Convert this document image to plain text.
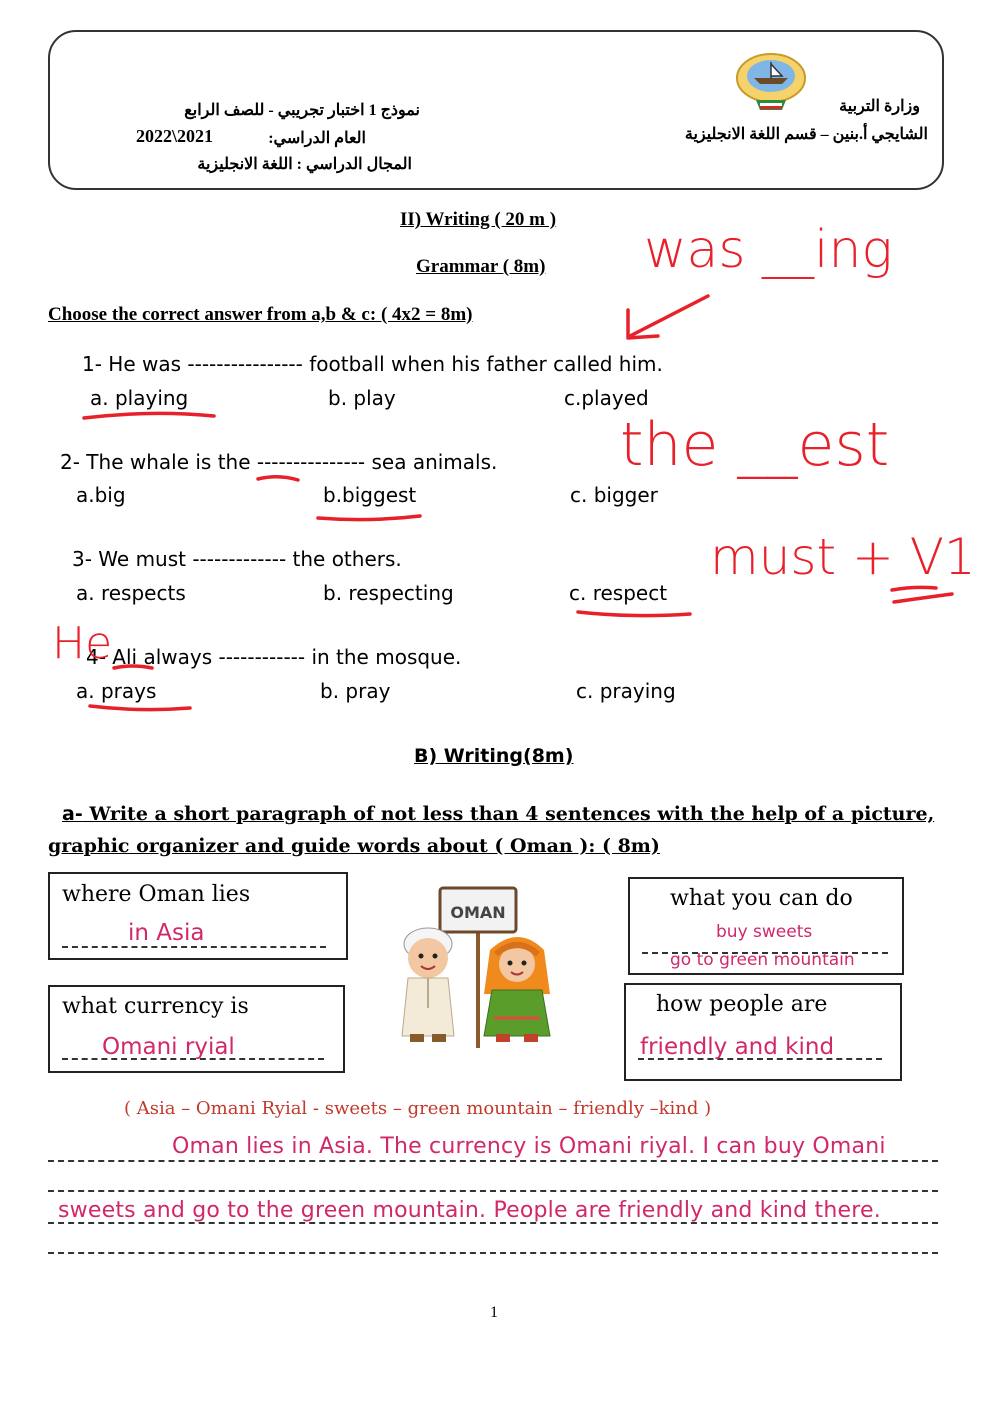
وزارة التربية
الشايجي أ.بنين – قسم اللغة الانجليزية
نموذج 1 اختبار تجريبي - للصف الرابع
العام الدراسي:
2022\2021
المجال الدراسي : اللغة الانجليزية
II) Writing ( 20 m )
Grammar ( 8m)
Choose the correct answer from a,b & c: ( 4x2 = 8m)
1- He was ---------------- football when his father called him.
a. playing	b. play	c.played
2- The whale is the --------------- sea animals.
a.big	b.biggest	c. bigger
3- We must ------------- the others.
a. respects	b. respecting	c. respect
4- Ali always ------------ in the mosque.
a. prays	b. pray	c. praying
was __ing
the __est
must + V1
He
B) Writing(8m)
a- Write a short paragraph of not less than 4 sentences with the help of a picture, graphic organizer and guide words about ( Oman ): ( 8m)
where Oman lies
in Asia
what currency is
Omani ryial
what you can do
buy sweets
go to green mountain
how people are
friendly and kind
OMAN
( Asia – Omani Ryial - sweets – green mountain – friendly –kind )
Oman lies in Asia. The currency is Omani riyal. I can buy Omani
sweets and go to the green mountain. People are friendly and kind there.
1
